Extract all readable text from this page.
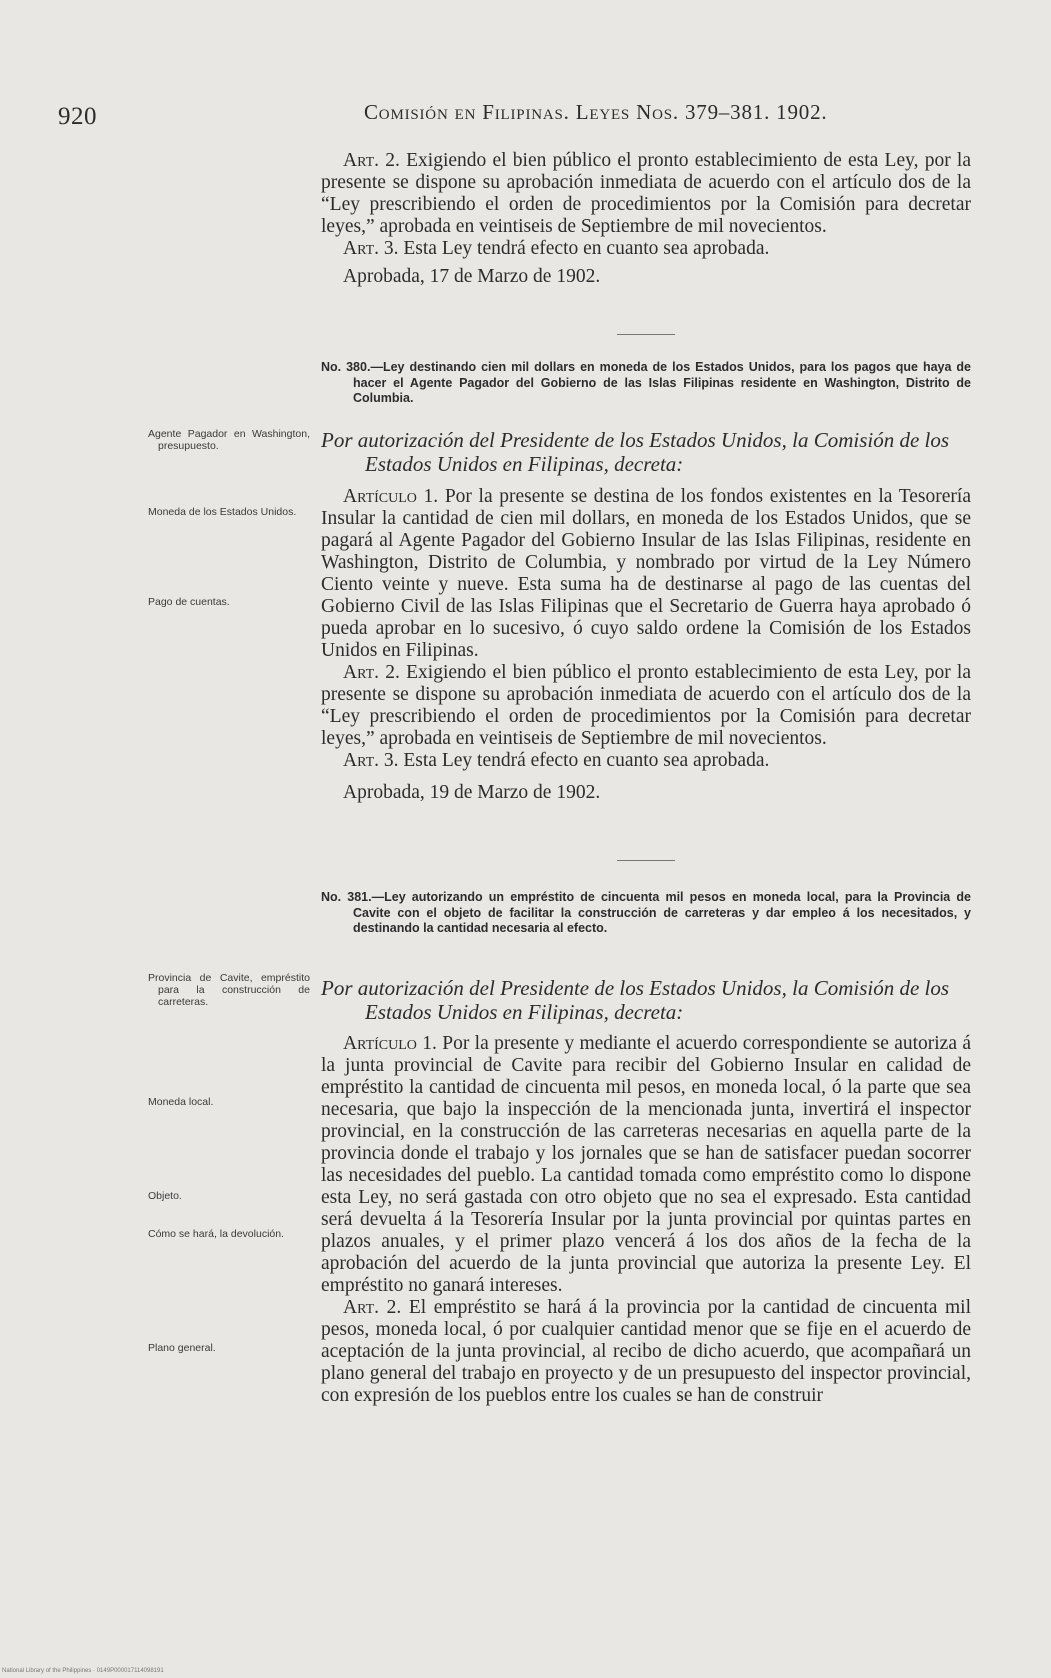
920	Comisión en Filipinas. Leyes Nos. 379–381. 1902.

Art. 2. Exigiendo el bien público el pronto establecimiento de esta Ley, por la presente se dispone su aprobación inmediata de acuerdo con el artículo dos de la “Ley prescribiendo el orden de procedimientos por la Comisión para decretar leyes,” aprobada en veintiseis de Septiembre de mil novecientos.

Art. 3. Esta Ley tendrá efecto en cuanto sea aprobada.

Aprobada, 17 de Marzo de 1902.

No. 380.—Ley destinando cien mil dollars en moneda de los Estados Unidos, para los pagos que haya de hacer el Agente Pagador del Gobierno de las Islas Filipinas residente en Washington, Distrito de Columbia.

Agente Pagador en Washington, presupuesto.

Moneda de los Estados Unidos.

Pago de cuentas.

Por autorización del Presidente de los Estados Unidos, la Comisión de los Estados Unidos en Filipinas, decreta:

Artículo 1. Por la presente se destina de los fondos existentes en la Tesorería Insular la cantidad de cien mil dollars, en moneda de los Estados Unidos, que se pagará al Agente Pagador del Gobierno Insular de las Islas Filipinas, residente en Washington, Distrito de Columbia, y nombrado por virtud de la Ley Número Ciento veinte y nueve. Esta suma ha de destinarse al pago de las cuentas del Gobierno Civil de las Islas Filipinas que el Secretario de Guerra haya aprobado ó pueda aprobar en lo sucesivo, ó cuyo saldo ordene la Comisión de los Estados Unidos en Filipinas.

Art. 2. Exigiendo el bien público el pronto establecimiento de esta Ley, por la presente se dispone su aprobación inmediata de acuerdo con el artículo dos de la “Ley prescribiendo el orden de procedimientos por la Comisión para decretar leyes,” aprobada en veintiseis de Septiembre de mil novecientos.

Art. 3. Esta Ley tendrá efecto en cuanto sea aprobada.

Aprobada, 19 de Marzo de 1902.

No. 381.—Ley autorizando un empréstito de cincuenta mil pesos en moneda local, para la Provincia de Cavite con el objeto de facilitar la construcción de carreteras y dar empleo á los necesitados, y destinando la cantidad necesaria al efecto.

Provincia de Cavite, empréstito para la construcción de carreteras.

Moneda local.

Objeto.

Cómo se hará, la devolución.

Plano general.

Por autorización del Presidente de los Estados Unidos, la Comisión de los Estados Unidos en Filipinas, decreta:

Artículo 1. Por la presente y mediante el acuerdo correspondiente se autoriza á la junta provincial de Cavite para recibir del Gobierno Insular en calidad de empréstito la cantidad de cincuenta mil pesos, en moneda local, ó la parte que sea necesaria, que bajo la inspección de la mencionada junta, invertirá el inspector provincial, en la construcción de las carreteras necesarias en aquella parte de la provincia donde el trabajo y los jornales que se han de satisfacer puedan socorrer las necesidades del pueblo. La cantidad tomada como empréstito como lo dispone esta Ley, no será gastada con otro objeto que no sea el expresado. Esta cantidad será devuelta á la Tesorería Insular por la junta provincial por quintas partes en plazos anuales, y el primer plazo vencerá á los dos años de la fecha de la aprobación del acuerdo de la junta provincial que autoriza la presente Ley. El empréstito no ganará intereses.

Art. 2. El empréstito se hará á la provincia por la cantidad de cincuenta mil pesos, moneda local, ó por cualquier cantidad menor que se fije en el acuerdo de aceptación de la junta provincial, al recibo de dicho acuerdo, que acompañará un plano general del trabajo en proyecto y de un presupuesto del inspector provincial, con expresión de los pueblos entre los cuales se han de construir

National Library of the Philippines · 0149P000017114098191
